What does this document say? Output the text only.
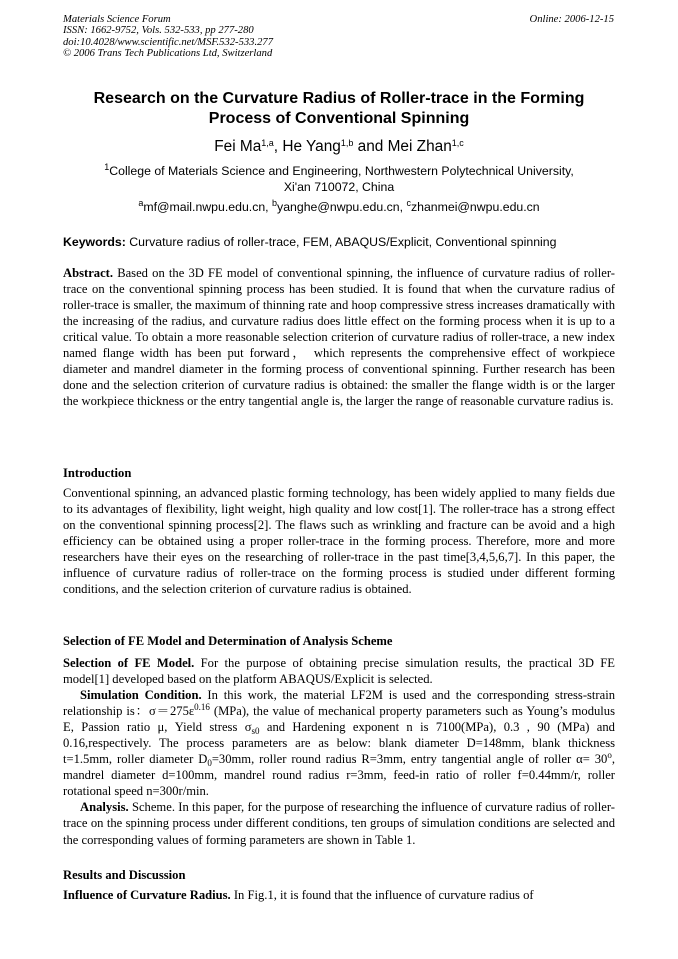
Materials Science Forum
ISSN: 1662-9752, Vols. 532-533, pp 277-280
doi:10.4028/www.scientific.net/MSF.532-533.277
© 2006 Trans Tech Publications Ltd, Switzerland
Online: 2006-12-15
Research on the Curvature Radius of Roller-trace in the Forming
Process of Conventional Spinning
Fei Ma$^{1,a}$, He Yang$^{1,b}$ and Mei Zhan$^{1,c}$
$^1$College of Materials Science and Engineering, Northwestern Polytechnical University,
Xi'an 710072, China
$^a$mf@mail.nwpu.edu.cn, $^b$yanghe@nwpu.edu.cn, $^c$zhanmei@nwpu.edu.cn
Keywords: Curvature radius of roller-trace, FEM, ABAQUS/Explicit, Conventional spinning

Abstract. Based on the 3D FE model of conventional spinning, the influence of curvature radius of roller-trace on the conventional spinning process has been studied. It is found that when the curvature radius of roller-trace is smaller, the maximum of thinning rate and hoop compressive stress increases dramatically with the increasing of the radius, and curvature radius does little effect on the forming process when it is up to a critical value. To obtain a more reasonable selection criterion of curvature radius of roller-trace, a new index named flange width has been put forward， which represents the comprehensive effect of workpiece diameter and mandrel diameter in the forming process of conventional spinning. Further research has been done and the selection criterion of curvature radius is obtained: the smaller the flange width is or the larger the workpiece thickness or the entry tangential angle is, the larger the range of reasonable curvature radius is.

Introduction

Conventional spinning, an advanced plastic forming technology, has been widely applied to many fields due to its advantages of flexibility, light weight, high quality and low cost[1]. The roller-trace has a strong effect on the conventional spinning process[2]. The flaws such as wrinkling and fracture can be avoid and a high efficiency can be obtained using a proper roller-trace in the forming process. Therefore, more and more researchers have their eyes on the researching of roller-trace in the past time[3,4,5,6,7]. In this paper, the influence of curvature radius of roller-trace on the forming process is studied under different forming conditions, and the selection criterion of curvature radius is obtained.

Selection of FE Model and Determination of Analysis Scheme

Selection of FE Model. For the purpose of obtaining precise simulation results, the practical 3D FE model[1] developed based on the platform ABAQUS/Explicit is selected.

Simulation Condition. In this work, the material LF2M is used and the corresponding stress-strain relationship is：$\sigma=275\varepsilon^{0.16}$ (MPa), the value of mechanical property parameters such as Young’s modulus E, Passion ratio μ, Yield stress $\sigma_{s0}$ and Hardening exponent n is 7100(MPa), 0.3 , 90 (MPa) and 0.16,respectively. The process parameters are as below: blank diameter D=148mm, blank thickness t=1.5mm, roller diameter $D_0=30mm$, roller round radius R=3mm, entry tangential angle of roller $\alpha= 30^o$, mandrel diameter d=100mm, mandrel round radius r=3mm, feed-in ratio of roller f=0.44mm/r, roller rotational speed n=300r/min.

Analysis. Scheme. In this paper, for the purpose of researching the influence of curvature radius of roller-trace on the spinning process under different conditions, ten groups of simulation conditions are selected and the corresponding values of forming parameters are shown in Table 1.

Results and Discussion

Influence of Curvature Radius. In Fig.1, it is found that the influence of curvature radius of
